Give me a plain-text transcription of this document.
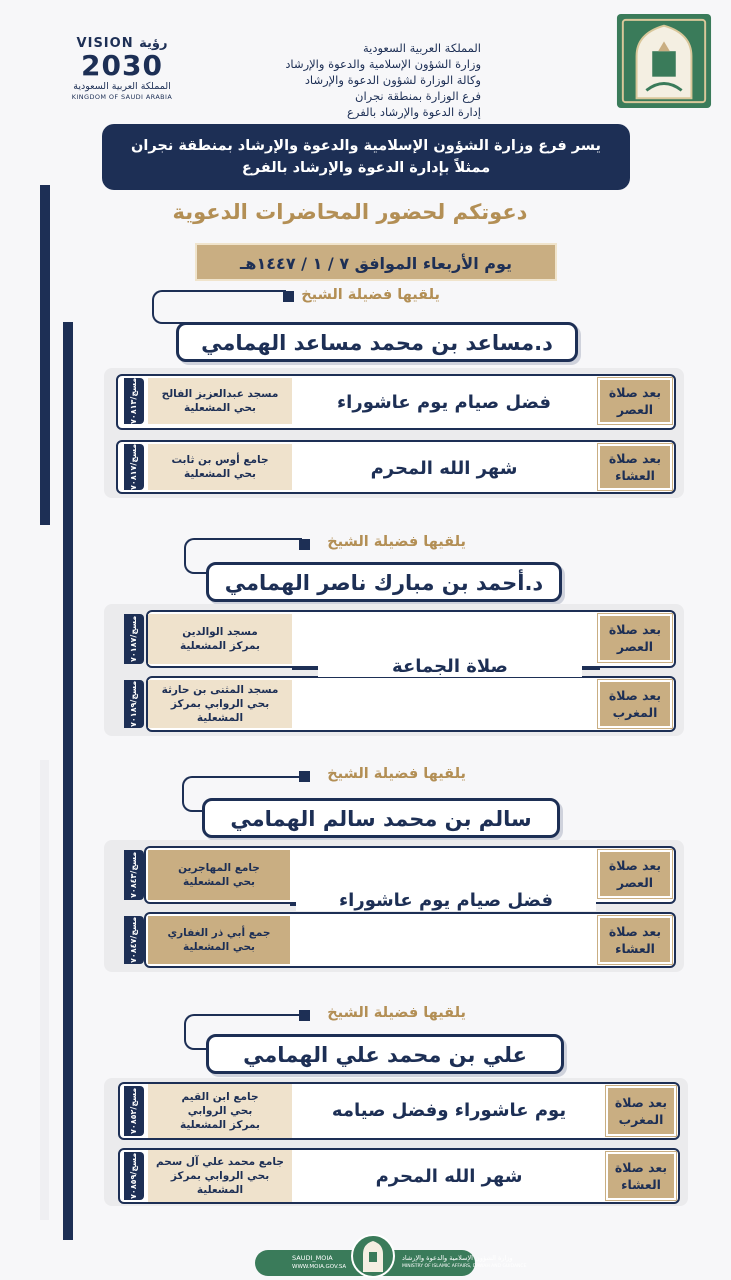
المملكة العربية السعودية
وزارة الشؤون الإسلامية والدعوة والإرشاد
وكالة الوزارة لشؤون الدعوة والإرشاد
فرع الوزارة بمنطقة نجران
إدارة الدعوة والإرشاد بالفرع
VISION رؤية
2030
المملكة العربية السعودية
KINGDOM OF SAUDI ARABIA
يسر فرع وزارة الشؤون الإسلامية والدعوة والإرشاد بمنطقة نجران
ممثلاً بإدارة الدعوة والإرشاد بالفرع
دعوتكم لحضور المحاضرات الدعوية
يوم الأربعاء الموافق ٧ / ١ / ١٤٤٧هـ
يلقيها فضيلة الشيخ
د.مساعد بن محمد مساعد الهمامي
بعد صلاة
العصر
فضل صيام يوم عاشوراء
مسجد عبدالعزيز الفالح
بحي المشعلية
مسج/٧٠٨١٣
بعد صلاة
العشاء
شهر الله المحرم
جامع أوس بن ثابت
بحي المشعلية
مسج/٧٠٨١٧
يلقيها فضيلة الشيخ
د.أحمد بن مبارك ناصر الهمامي
صلاة الجماعة
بعد صلاة
العصر
مسجد الوالدين
بمركز المشعلية
مسج/٧٠١٨٧
بعد صلاة
المغرب
مسجد المثنى بن حارثة
بحي الروابي بمركز المشعلية
مسج/٧٠١٨٩
يلقيها فضيلة الشيخ
سالم بن محمد سالم الهمامي
فضل صيام يوم عاشوراء
بعد صلاة
العصر
جامع المهاجرين
بحي المشعلية
مسج/٧٠٨٤٣
بعد صلاة
العشاء
جمع أبي ذر الغفاري
بحي المشعلية
مسج/٧٠٨٤٧
يلقيها فضيلة الشيخ
علي بن محمد علي الهمامي
بعد صلاة
المغرب
يوم عاشوراء وفضل صيامه
جامع ابن القيم
بحي الروابي
بمركز المشعلية
مسج/٧٠٨٥٢
بعد صلاة
العشاء
شهر الله المحرم
جامع محمد علي آل سحم
بحي الروابي بمركز
المشعلية
مسج/٧٠٨٥٩
SAUDI_MOIA
WWW.MOIA.GOV.SA
وزارة الشؤون الإسلامية والدعوة والإرشاد
MINISTRY OF ISLAMIC AFFAIRS, DAWAH AND GUIDANCE
